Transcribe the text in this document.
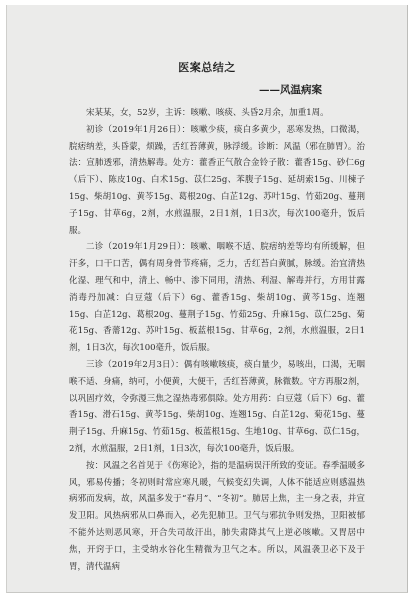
医案总结之
——风温病案

宋某某，女，52岁，主诉：咳嗽、咳痰、头昏2月余，加重1周。

初诊（2019年1月26日）：咳嗽少痰，痰白多黄少，恶寒发热，口微渴，脘痞纳差，头昏蒙，烦躁，舌红苔薄黄，脉浮缓。诊断：风温（邪在肺胃）。治法：宣肺透邪，清热解毒。处方：藿香正气散合金铃子散：藿香15g、砂仁6g（后下）、陈皮10g、白术15g、苡仁25g、苯腹子15g、延胡索15g、川楝子15g、柴胡10g、黄芩15g、葛根20g、白芷12g、苏叶15g、竹茹20g、蔓荆子15g、甘草6g，2剂，水煎温服，2日1剂，1日3次，每次100毫升，饭后服。

二诊（2019年1月29日）：咳嗽、咽喉不适、脘痞纳差等均有所缓解，但汗多，口干口苦，偶有周身骨节疼痛，乏力，舌红苔白黄腻，脉缓。治宜清热化湿、理气和中，清上、畅中、渗下同用，清热、利湿、解毒并行，方用甘露消毒丹加减：白豆蔻（后下）6g、藿香15g、柴胡10g、黄芩15g、连翘15g、白芷12g、葛根20g、蔓荆子15g、竹茹25g、升麻15g、苡仁25g、菊花15g、香薷12g、苏叶15g、板蓝根15g、甘草6g，2剂，水煎温服，2日1剂，1日3次，每次100毫升，饭后服。

三诊（2019年2月3日）：偶有咳嗽咳痰，痰白量少，易咳出，口渴，无咽喉不适、身痛，纳可，小便黄，大便干，舌红苔薄黄，脉微数。守方再服2剂，以巩固疗效，令弥漫三焦之湿热毒邪俱除。处方用药：白豆蔻（后下）6g、藿香15g、滑石15g、黄芩15g、柴胡10g、连翘15g、白芷12g、菊花15g、蔓荆子15g、升麻15g、竹茹15g、板蓝根15g、生地10g、甘草6g、苡仁15g，2剂，水煎温服，2日1剂，1日3次，每次100毫升，饭后服。

按：风温之名首见于《伤寒论》，指的是温病误汗所致的变证。春季温暖多风，邪易传播；冬初则时常应寒凡暖，气候变幻失调，人体不能适应则感温热病邪而发病，故，风温多发于“春月”、“冬初”。肺居上焦，主一身之表，并宣发卫阳。风热病邪从口鼻而入，必先犯肺卫。卫气与邪抗争则发热，卫阳被郁不能外达则恶风寒，开合失司故汗出，肺失肃降其气上逆必咳嗽。又胃居中焦，开窍于口，主受纳水谷化生精微为卫气之本。所以，风温袭卫必下及于胃，清代温病
